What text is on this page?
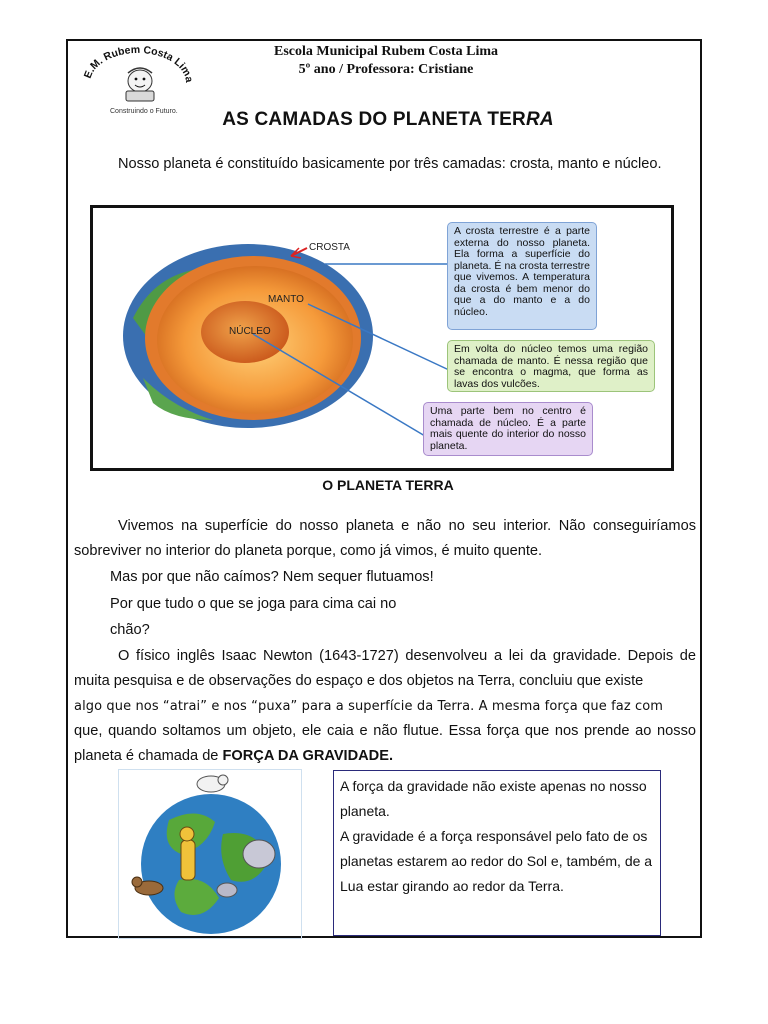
E.M. Rubem Costa Lima
Construindo o Futuro.
Escola Municipal Rubem Costa Lima
5º ano / Professora: Cristiane
AS CAMADAS DO PLANETA TERRA
Nosso planeta é constituído basicamente por três camadas: crosta, manto e núcleo.
CROSTA
MANTO
NÚCLEO
A crosta terrestre é a parte externa do nosso planeta. Ela forma a superfície do planeta. É na crosta terrestre que vivemos. A temperatura da crosta é bem menor do que a do manto e a do núcleo.
Em volta do núcleo temos uma região chamada de manto. É nessa região que se encontra o magma, que forma as lavas dos vulcões.
Uma parte bem no centro é chamada de núcleo. É a parte mais quente do interior do nosso planeta.
O PLANETA TERRA
Vivemos na superfície do nosso planeta e não no seu interior. Não conseguiríamos sobreviver no interior do planeta porque, como já vimos, é muito quente.
Mas por que não caímos? Nem sequer flutuamos!
Por que tudo o que se joga para cima cai no
chão?
O físico inglês Isaac Newton (1643-1727) desenvolveu a lei da gravidade. Depois de muita pesquisa e de observações do espaço e dos objetos na Terra, concluiu que existe
algo que nos “atrai” e nos “puxa” para a superfície da Terra. A mesma força que faz com
que, quando soltamos um objeto, ele caia e não flutue. Essa força que nos prende ao nosso planeta é chamada de FORÇA DA GRAVIDADE.
A força da gravidade não existe apenas no nosso planeta.
A gravidade é a força responsável pelo fato de os planetas estarem ao redor do Sol e, também, de a Lua estar girando ao redor da Terra.
